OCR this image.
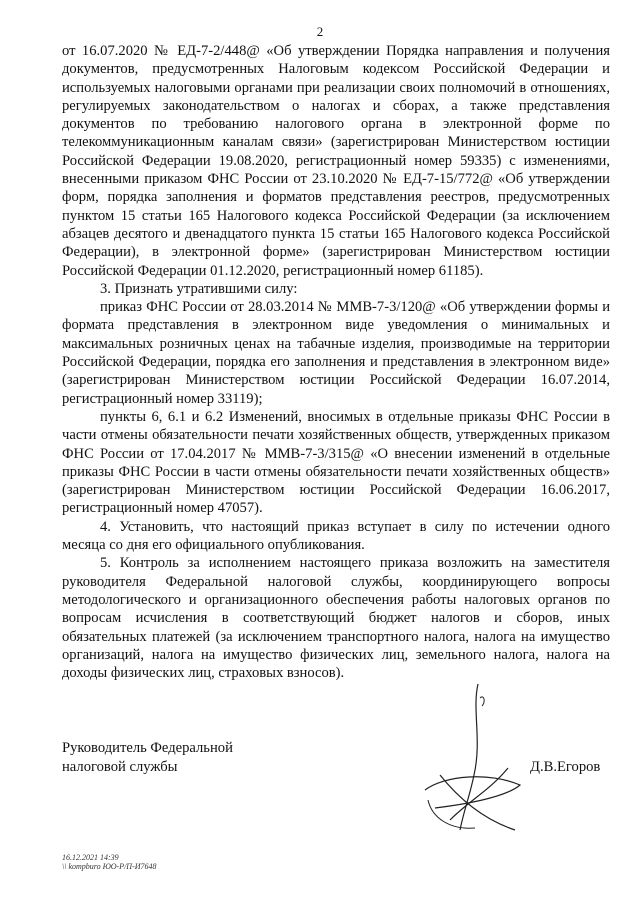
2

от 16.07.2020 № ЕД-7-2/448@ «Об утверждении Порядка направления и получения документов, предусмотренных Налоговым кодексом Российской Федерации и используемых налоговыми органами при реализации своих полномочий в отношениях, регулируемых законодательством о налогах и сборах, а также представления документов по требованию налогового органа в электронной форме по телекоммуникационным каналам связи» (зарегистрирован Министерством юстиции Российской Федерации 19.08.2020, регистрационный номер 59335) с изменениями, внесенными приказом ФНС России от 23.10.2020 № ЕД-7-15/772@ «Об утверждении форм, порядка заполнения и форматов представления реестров, предусмотренных пунктом 15 статьи 165 Налогового кодекса Российской Федерации (за исключением абзацев десятого и двенадцатого пункта 15 статьи 165 Налогового кодекса Российской Федерации), в электронной форме» (зарегистрирован Министерством юстиции Российской Федерации 01.12.2020, регистрационный номер 61185).

3. Признать утратившими силу:

приказ ФНС России от 28.03.2014 № ММВ-7-3/120@ «Об утверждении формы и формата представления в электронном виде уведомления о минимальных и максимальных розничных ценах на табачные изделия, производимые на территории Российской Федерации, порядка его заполнения и представления в электронном виде» (зарегистрирован Министерством юстиции Российской Федерации 16.07.2014, регистрационный номер 33119);

пункты 6, 6.1 и 6.2 Изменений, вносимых в отдельные приказы ФНС России в части отмены обязательности печати хозяйственных обществ, утвержденных приказом ФНС России от 17.04.2017 № ММВ-7-3/315@ «О внесении изменений в отдельные приказы ФНС России в части отмены обязательности печати хозяйственных обществ» (зарегистрирован Министерством юстиции Российской Федерации 16.06.2017, регистрационный номер 47057).

4. Установить, что настоящий приказ вступает в силу по истечении одного месяца со дня его официального опубликования.

5. Контроль за исполнением настоящего приказа возложить на заместителя руководителя Федеральной налоговой службы, координирующего вопросы методологического и организационного обеспечения работы налоговых органов по вопросам исчисления в соответствующий бюджет налогов и сборов, иных обязательных платежей (за исключением транспортного налога, налога на имущество организаций, налога на имущество физических лиц, земельного налога, налога на доходы физических лиц, страховых взносов).

Руководитель Федеральной
налоговой службы	Д.В.Егоров
16.12.2021 14:39
\\ kompburo ЮО-Р/П-И7648
